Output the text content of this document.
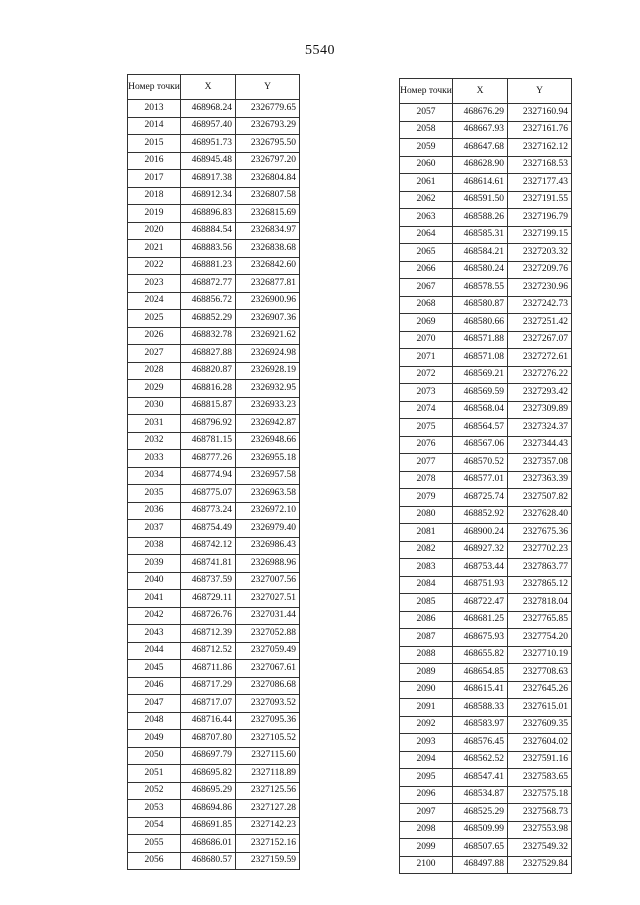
5540
Номер точки	X	Y
2013	468968.24	2326779.65
2014	468957.40	2326793.29
2015	468951.73	2326795.50
2016	468945.48	2326797.20
2017	468917.38	2326804.84
2018	468912.34	2326807.58
2019	468896.83	2326815.69
2020	468884.54	2326834.97
2021	468883.56	2326838.68
2022	468881.23	2326842.60
2023	468872.77	2326877.81
2024	468856.72	2326900.96
2025	468852.29	2326907.36
2026	468832.78	2326921.62
2027	468827.88	2326924.98
2028	468820.87	2326928.19
2029	468816.28	2326932.95
2030	468815.87	2326933.23
2031	468796.92	2326942.87
2032	468781.15	2326948.66
2033	468777.26	2326955.18
2034	468774.94	2326957.58
2035	468775.07	2326963.58
2036	468773.24	2326972.10
2037	468754.49	2326979.40
2038	468742.12	2326986.43
2039	468741.81	2326988.96
2040	468737.59	2327007.56
2041	468729.11	2327027.51
2042	468726.76	2327031.44
2043	468712.39	2327052.88
2044	468712.52	2327059.49
2045	468711.86	2327067.61
2046	468717.29	2327086.68
2047	468717.07	2327093.52
2048	468716.44	2327095.36
2049	468707.80	2327105.52
2050	468697.79	2327115.60
2051	468695.82	2327118.89
2052	468695.29	2327125.56
2053	468694.86	2327127.28
2054	468691.85	2327142.23
2055	468686.01	2327152.16
2056	468680.57	2327159.59
Номер точки	X	Y
2057	468676.29	2327160.94
2058	468667.93	2327161.76
2059	468647.68	2327162.12
2060	468628.90	2327168.53
2061	468614.61	2327177.43
2062	468591.50	2327191.55
2063	468588.26	2327196.79
2064	468585.31	2327199.15
2065	468584.21	2327203.32
2066	468580.24	2327209.76
2067	468578.55	2327230.96
2068	468580.87	2327242.73
2069	468580.66	2327251.42
2070	468571.88	2327267.07
2071	468571.08	2327272.61
2072	468569.21	2327276.22
2073	468569.59	2327293.42
2074	468568.04	2327309.89
2075	468564.57	2327324.37
2076	468567.06	2327344.43
2077	468570.52	2327357.08
2078	468577.01	2327363.39
2079	468725.74	2327507.82
2080	468852.92	2327628.40
2081	468900.24	2327675.36
2082	468927.32	2327702.23
2083	468753.44	2327863.77
2084	468751.93	2327865.12
2085	468722.47	2327818.04
2086	468681.25	2327765.85
2087	468675.93	2327754.20
2088	468655.82	2327710.19
2089	468654.85	2327708.63
2090	468615.41	2327645.26
2091	468588.33	2327615.01
2092	468583.97	2327609.35
2093	468576.45	2327604.02
2094	468562.52	2327591.16
2095	468547.41	2327583.65
2096	468534.87	2327575.18
2097	468525.29	2327568.73
2098	468509.99	2327553.98
2099	468507.65	2327549.32
2100	468497.88	2327529.84
